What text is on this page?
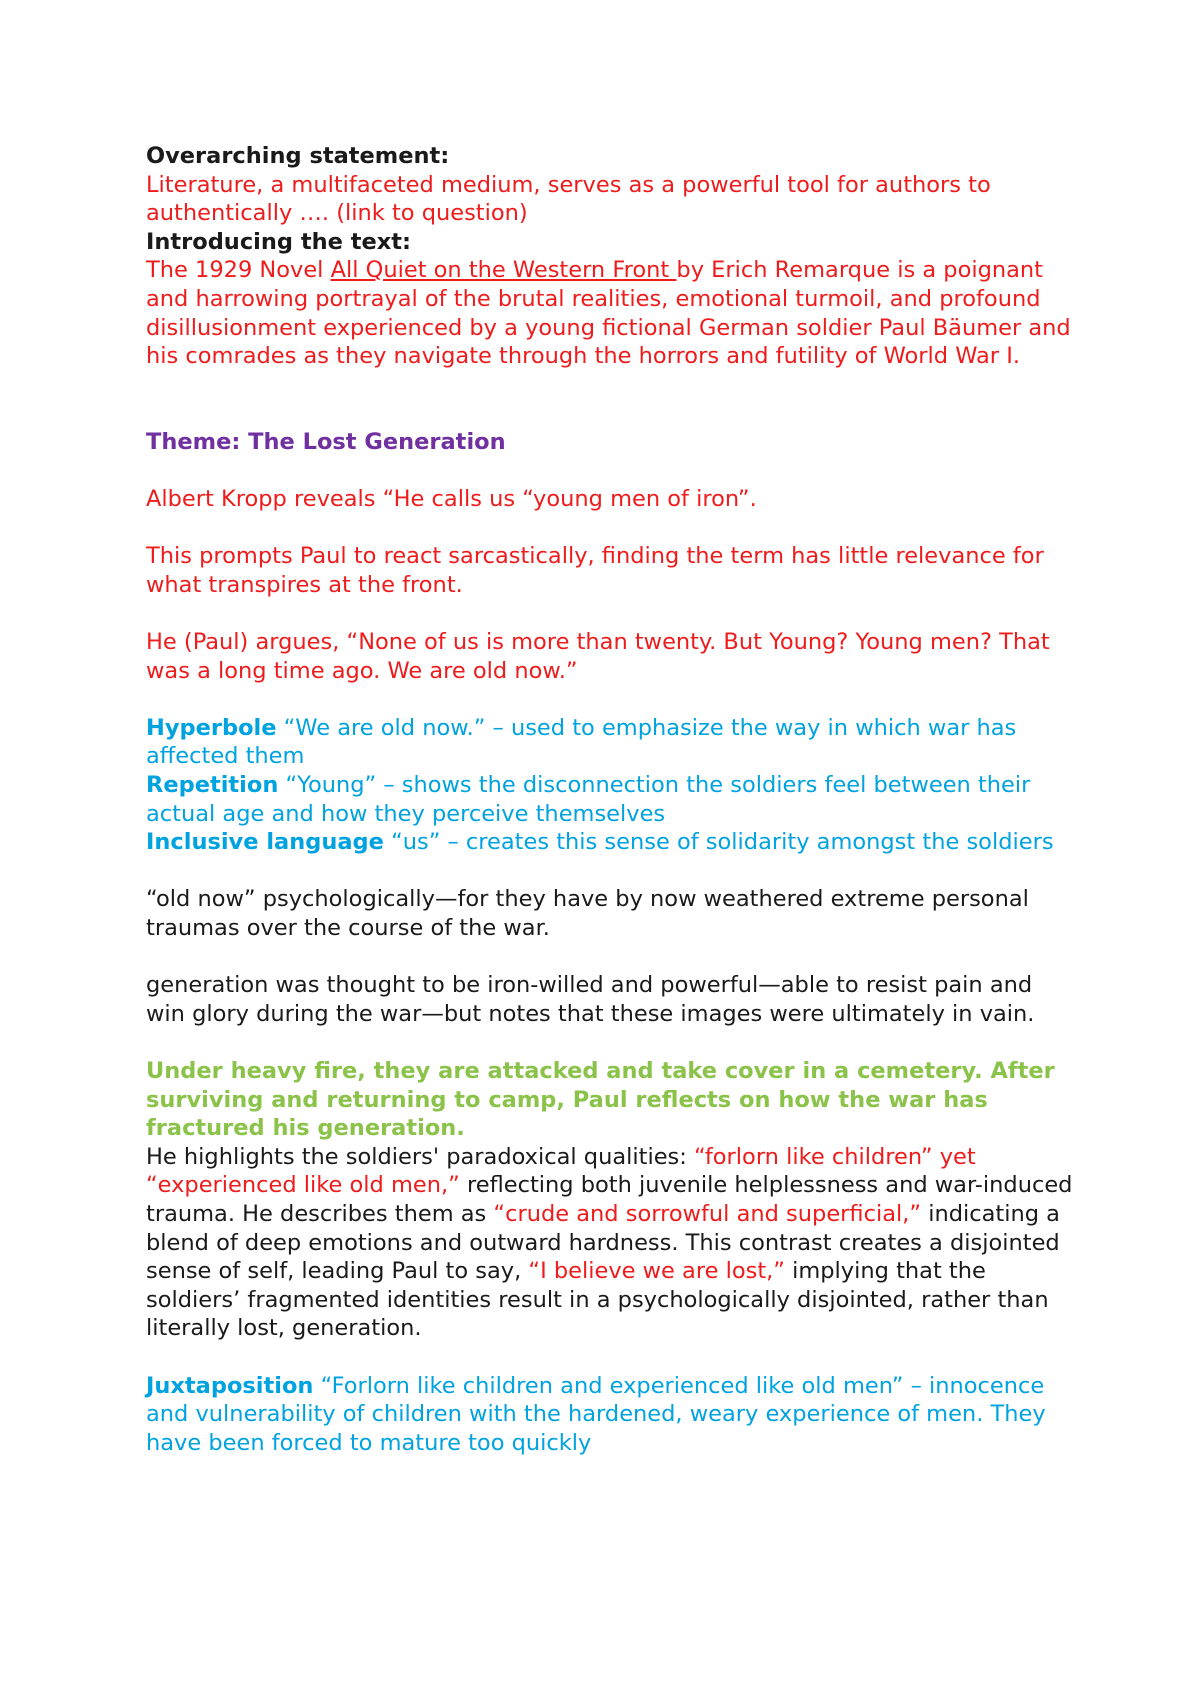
Overarching statement:

Literature, a multifaceted medium, serves as a powerful tool for authors to authentically …. (link to question)

Introducing the text:

The 1929 Novel All Quiet on the Western Front by Erich Remarque is a poignant and harrowing portrayal of the brutal realities, emotional turmoil, and profound disillusionment experienced by a young fictional German soldier Paul Bäumer and his comrades as they navigate through the horrors and futility of World War I.

Theme: The Lost Generation

Albert Kropp reveals “He calls us “young men of iron”.

This prompts Paul to react sarcastically, finding the term has little relevance for what transpires at the front.

He (Paul) argues, “None of us is more than twenty. But Young? Young men? That was a long time ago. We are old now.”

Hyperbole “We are old now.” – used to emphasize the way in which war has affected them

Repetition “Young” – shows the disconnection the soldiers feel between their actual age and how they perceive themselves

Inclusive language “us” – creates this sense of solidarity amongst the soldiers

“old now” psychologically—for they have by now weathered extreme personal traumas over the course of the war.

generation was thought to be iron-willed and powerful—able to resist pain and win glory during the war—but notes that these images were ultimately in vain.

Under heavy fire, they are attacked and take cover in a cemetery. After surviving and returning to camp, Paul reflects on how the war has fractured his generation.

He highlights the soldiers' paradoxical qualities: “forlorn like children” yet “experienced like old men,” reflecting both juvenile helplessness and war-induced trauma. He describes them as “crude and sorrowful and superficial,” indicating a blend of deep emotions and outward hardness. This contrast creates a disjointed sense of self, leading Paul to say, “I believe we are lost,” implying that the soldiers’ fragmented identities result in a psychologically disjointed, rather than literally lost, generation.

Juxtaposition “Forlorn like children and experienced like old men” – innocence and vulnerability of children with the hardened, weary experience of men. They have been forced to mature too quickly
